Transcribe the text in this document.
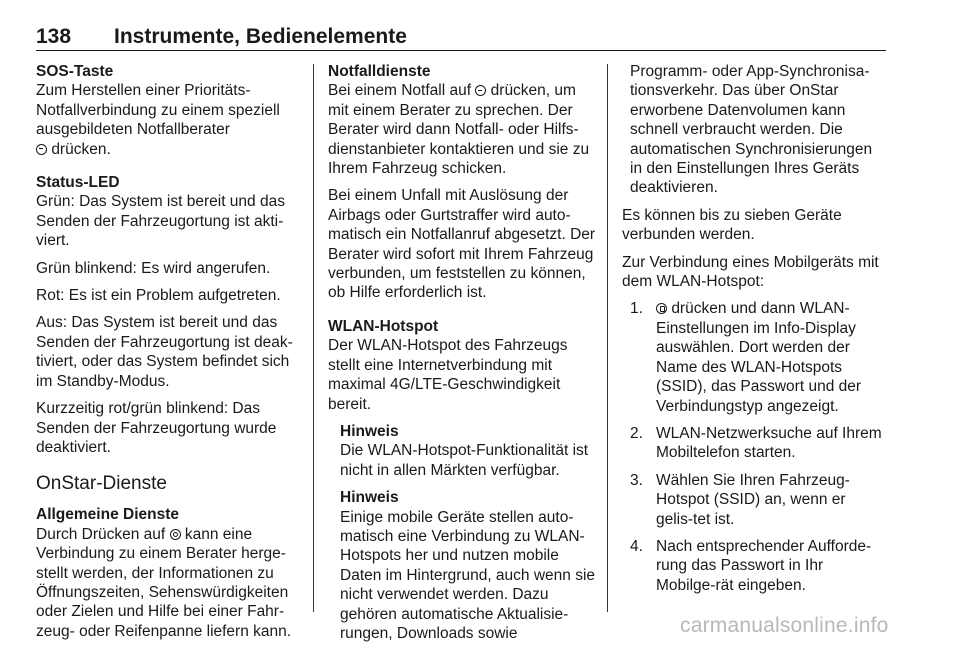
138 Instrumente, Bedienelemente

SOS-Taste

Zum Herstellen einer Prioritäts-Notfallverbindung zu einem speziell ausgebildeten Notfallberater
drücken.

Status-LED

Grün: Das System ist bereit und das Senden der Fahrzeugortung ist akti-viert.

Grün blinkend: Es wird angerufen.

Rot: Es ist ein Problem aufgetreten.

Aus: Das System ist bereit und das Senden der Fahrzeugortung ist deak-tiviert, oder das System befindet sich im Standby-Modus.

Kurzzeitig rot/grün blinkend: Das Senden der Fahrzeugortung wurde deaktiviert.

OnStar-Dienste

Allgemeine Dienste

Durch Drücken auf kann eine Verbindung zu einem Berater herge-stellt werden, der Informationen zu Öffnungszeiten, Sehenswürdigkeiten oder Zielen und Hilfe bei einer Fahr-zeug- oder Reifenpanne liefern kann.

Notfalldienste

Bei einem Notfall auf drücken, um mit einem Berater zu sprechen. Der Berater wird dann Notfall- oder Hilfs-dienstanbieter kontaktieren und sie zu Ihrem Fahrzeug schicken.

Bei einem Unfall mit Auslösung der Airbags oder Gurtstraffer wird auto-matisch ein Notfallanruf abgesetzt. Der Berater wird sofort mit Ihrem Fahrzeug verbunden, um feststellen zu können, ob Hilfe erforderlich ist.

WLAN-Hotspot

Der WLAN-Hotspot des Fahrzeugs stellt eine Internetverbindung mit maximal 4G/LTE-Geschwindigkeit bereit.

Hinweis

Die WLAN-Hotspot-Funktionalität ist nicht in allen Märkten verfügbar.

Hinweis

Einige mobile Geräte stellen auto-matisch eine Verbindung zu WLAN-Hotspots her und nutzen mobile Daten im Hintergrund, auch wenn sie nicht verwendet werden. Dazu gehören automatische Aktualisie-rungen, Downloads sowie

Programm- oder App-Synchronisa-tionsverkehr. Das über OnStar erworbene Datenvolumen kann schnell verbraucht werden. Die automatischen Synchronisierungen in den Einstellungen Ihres Geräts deaktivieren.

Es können bis zu sieben Geräte verbunden werden.

Zur Verbindung eines Mobilgeräts mit dem WLAN-Hotspot:

1. drücken und dann WLAN-Einstellungen im Info-Display auswählen. Dort werden der Name des WLAN-Hotspots (SSID), das Passwort und der Verbindungstyp angezeigt.
2. WLAN-Netzwerksuche auf Ihrem Mobiltelefon starten.
3. Wählen Sie Ihren Fahrzeug-Hotspot (SSID) an, wenn er gelis-tet ist.
4. Nach entsprechender Aufforde-rung das Passwort in Ihr Mobilge-rät eingeben.
carmanualsonline.info
